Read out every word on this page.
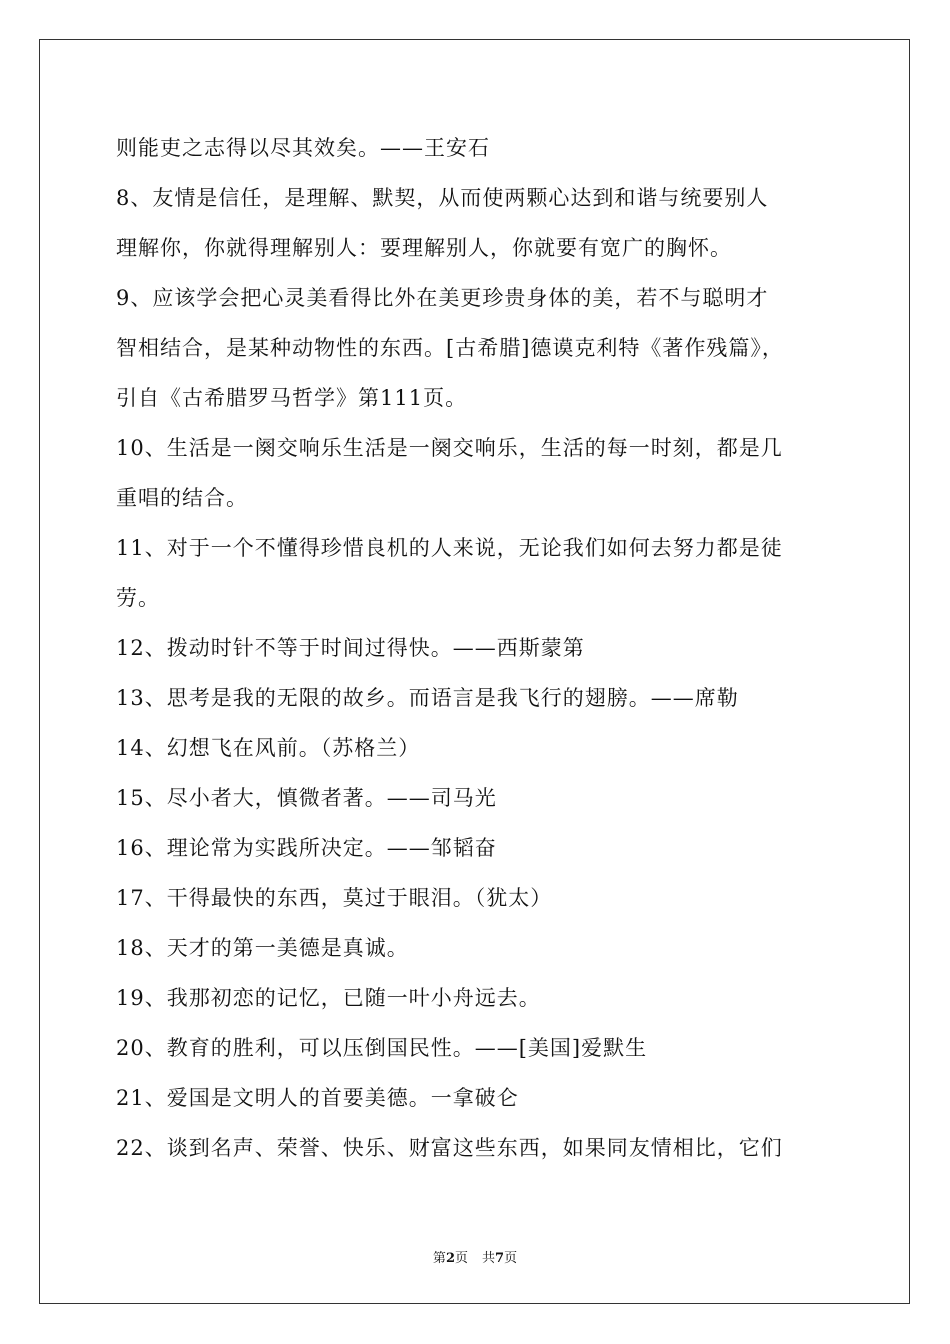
则能吏之志得以尽其效矣。——王安石
8、友情是信任，是理解、默契，从而使两颗心达到和谐与统要别人
理解你，你就得理解别人：要理解别人，你就要有宽广的胸怀。
9、应该学会把心灵美看得比外在美更珍贵身体的美，若不与聪明才
智相结合，是某种动物性的东西。[古希腊]德谟克利特《著作残篇》，
引自《古希腊罗马哲学》第111页。
10、生活是一阕交响乐生活是一阕交响乐，生活的每一时刻，都是几
重唱的结合。
11、对于一个不懂得珍惜良机的人来说，无论我们如何去努力都是徒
劳。
12、拨动时针不等于时间过得快。——西斯蒙第
13、思考是我的无限的故乡。而语言是我飞行的翅膀。——席勒
14、幻想飞在风前。（苏格兰）
15、尽小者大，慎微者著。——司马光
16、理论常为实践所决定。——邹韬奋
17、干得最快的东西，莫过于眼泪。（犹太）
18、天才的第一美德是真诚。
19、我那初恋的记忆，已随一叶小舟远去。
20、教育的胜利，可以压倒国民性。——[美国]爱默生
21、爱国是文明人的首要美德。一拿破仑
22、谈到名声、荣誉、快乐、财富这些东西，如果同友情相比，它们
第2页 共7页
